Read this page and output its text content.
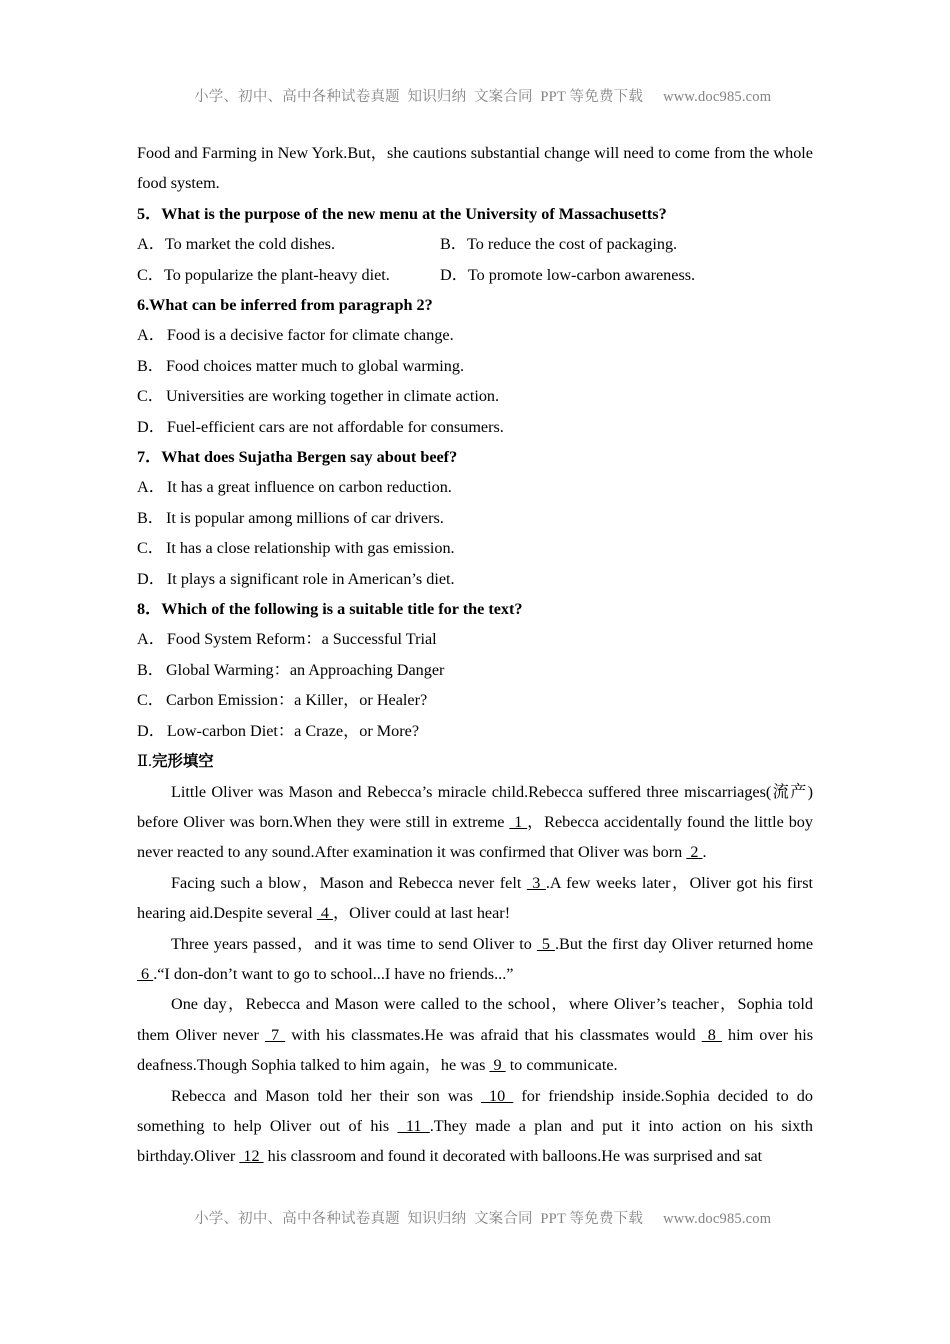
小学、初中、高中各种试卷真题  知识归纳  文案合同  PPT 等免费下载 www.doc985.com

Food and Farming in New York.But，she cautions substantial change will need to come from the whole food system.

5．What is the purpose of the new menu at the University of Massachusetts?

A．To market the cold dishes.	B．To reduce the cost of packaging.
C．To popularize the plant-heavy diet.	D．To promote low-carbon awareness.

6.What can be inferred from paragraph 2?

A． Food is a decisive factor for climate change.

B． Food choices matter much to global warming.

C． Universities are working together in climate action.

D． Fuel-efficient cars are not affordable for consumers.

7．What does Sujatha Bergen say about beef?

A． It has a great influence on carbon reduction.

B． It is popular among millions of car drivers.

C． It has a close relationship with gas emission.

D． It plays a significant role in American’s diet.

8．Which of the following is a suitable title for the text?

A． Food System Reform：a Successful Trial

B． Global Warming：an Approaching Danger

C． Carbon Emission：a Killer，or Healer?

D． Low-carbon Diet：a Craze，or More?

Ⅱ.完形填空

Little Oliver was Mason and Rebecca’s miracle child.Rebecca suffered three miscarriages(流产) before Oliver was born.When they were still in extreme  1 ，Rebecca accidentally found the little boy never reacted to any sound.After examination it was confirmed that Oliver was born  2 .

Facing such a blow，Mason and Rebecca never felt  3 .A few weeks later，Oliver got his first hearing aid.Despite several  4 ，Oliver could at last hear!

Three years passed，and it was time to send Oliver to  5 .But the first day Oliver returned home  6 .“I don-don’t want to go to school...I have no friends...”

One day，Rebecca and Mason were called to the school，where Oliver’s teacher，Sophia told them Oliver never  7  with his classmates.He was afraid that his classmates would  8  him over his deafness.Though Sophia talked to him again，he was  9  to communicate.

Rebecca and Mason told her their son was  10  for friendship inside.Sophia decided to do something to help Oliver out of his  11 .They made a plan and put it into action on his sixth birthday.Oliver  12  his classroom and found it decorated with balloons.He was surprised and sat

小学、初中、高中各种试卷真题  知识归纳  文案合同  PPT 等免费下载 www.doc985.com
